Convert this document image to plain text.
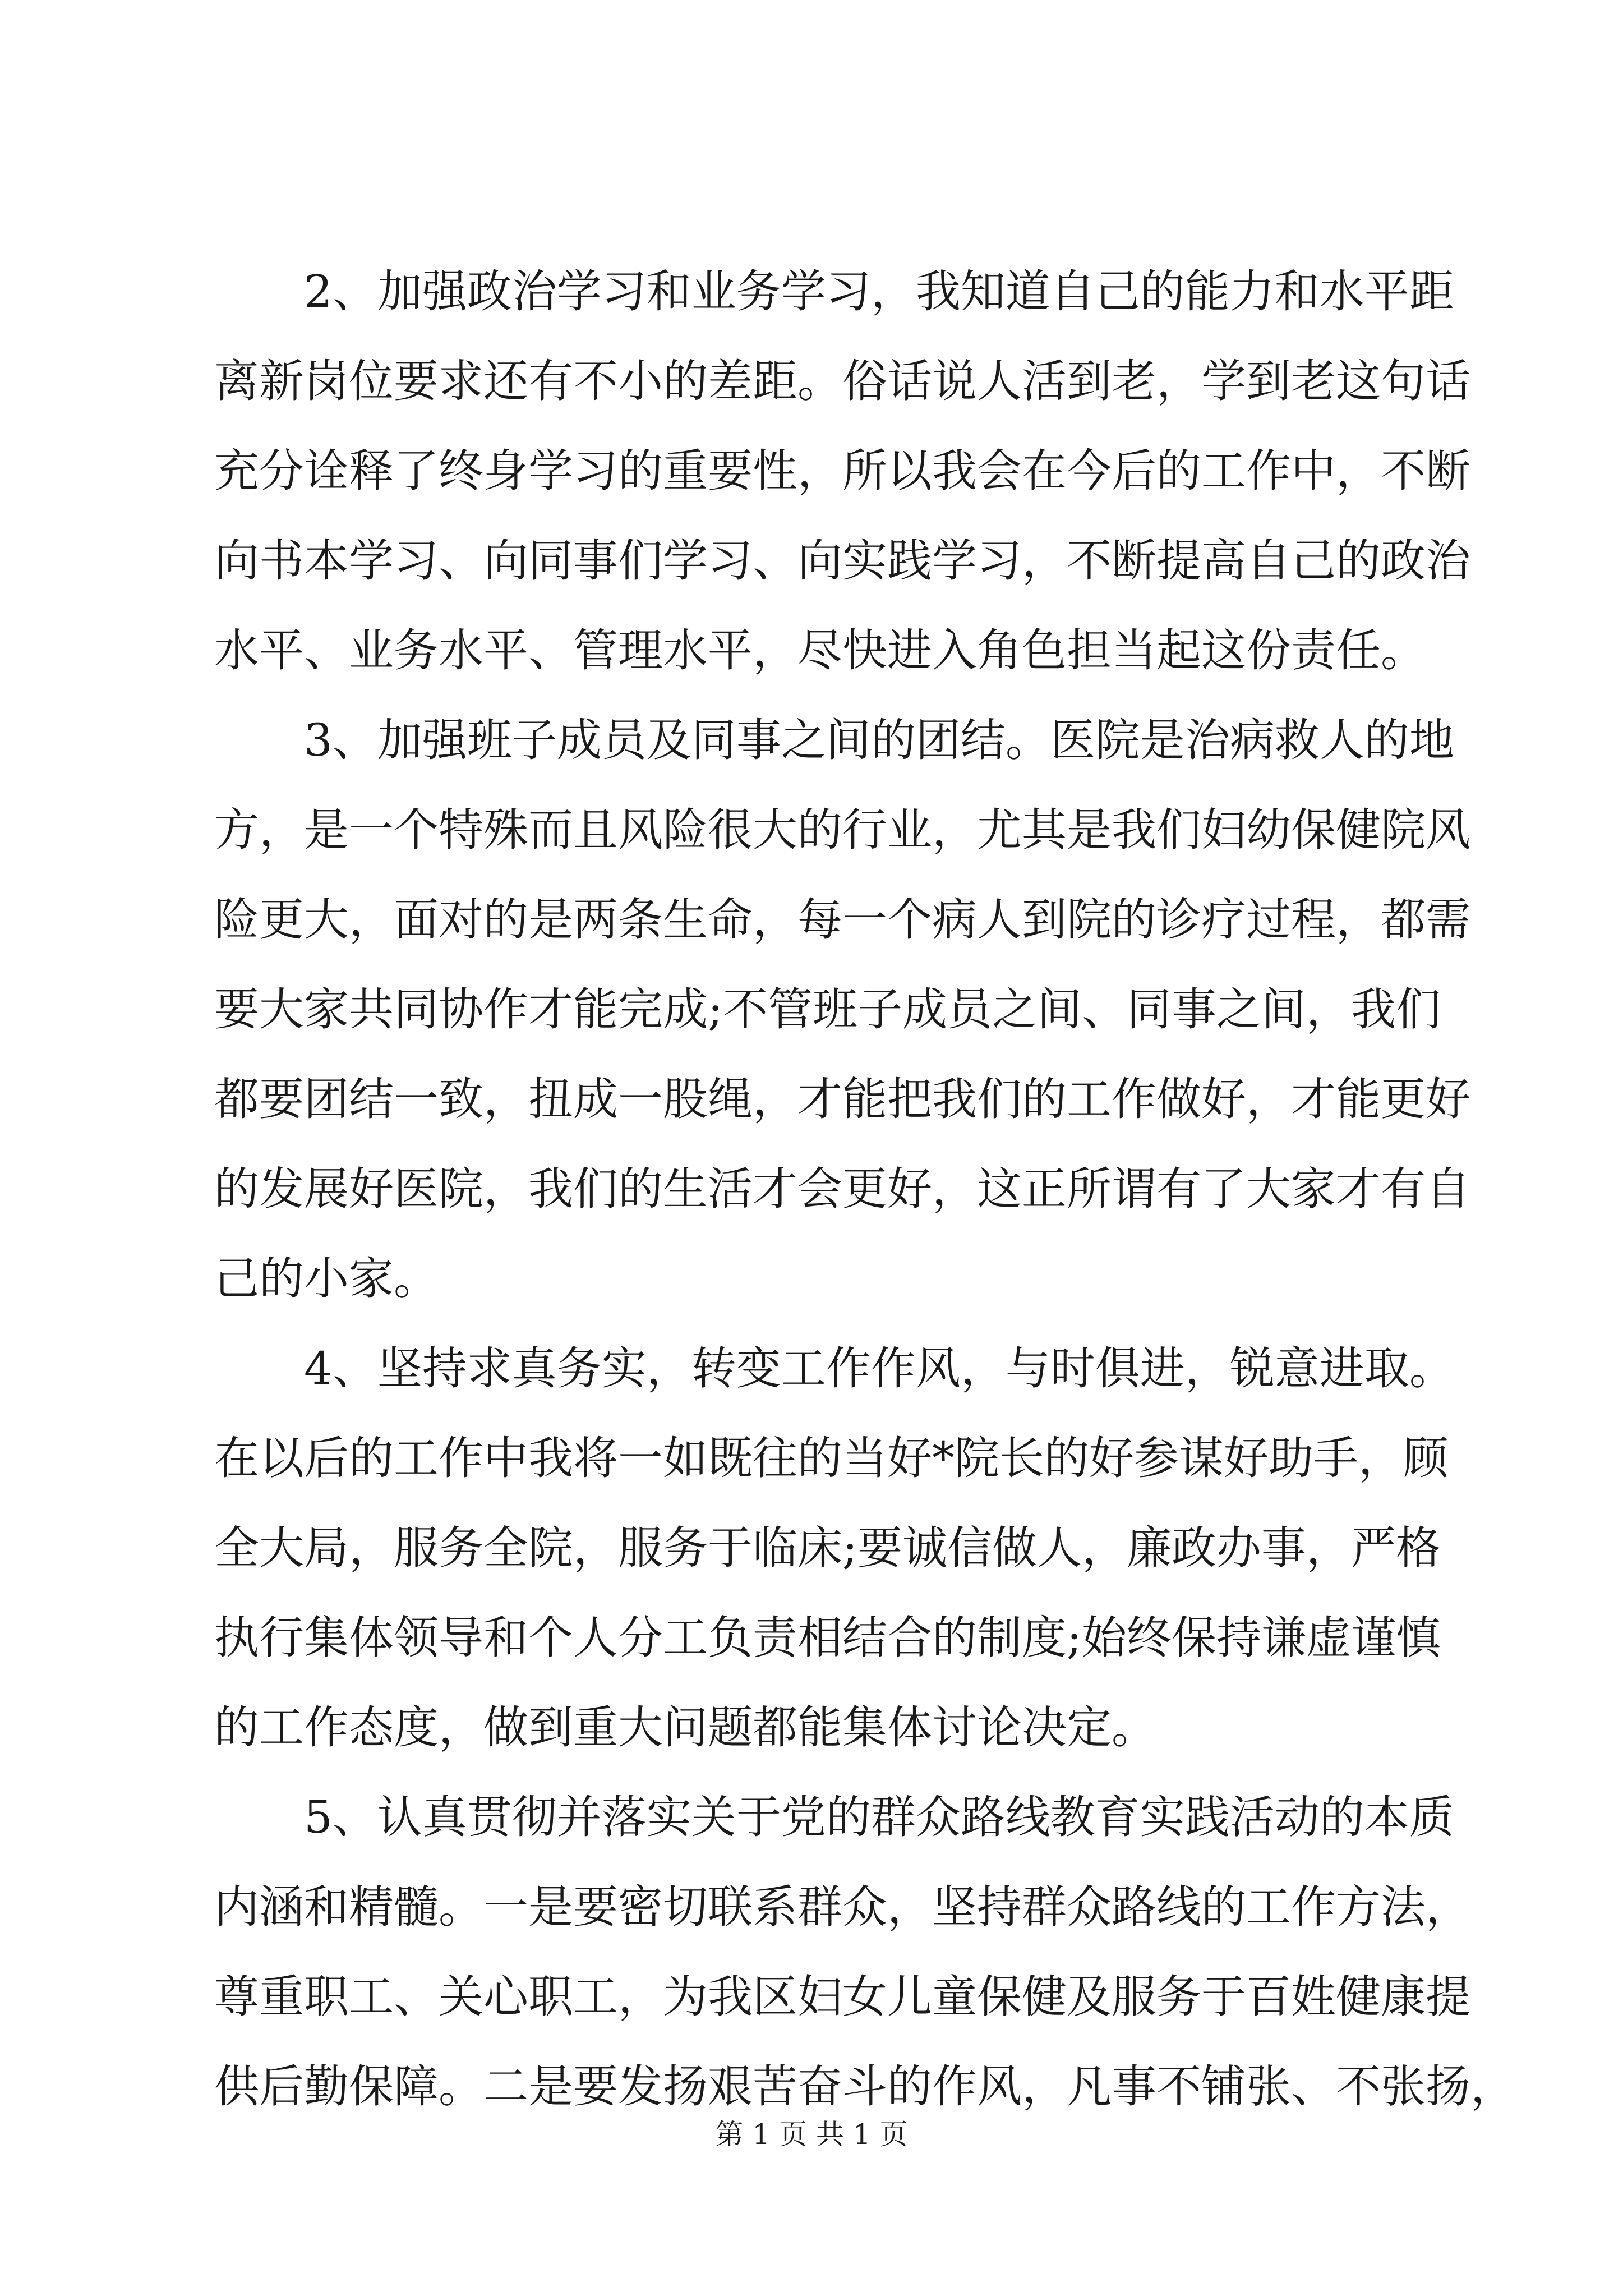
2、加强政治学习和业务学习，我知道自己的能力和水平距
离新岗位要求还有不小的差距。俗话说人活到老，学到老这句话
充分诠释了终身学习的重要性，所以我会在今后的工作中，不断
向书本学习、向同事们学习、向实践学习，不断提高自己的政治
水平、业务水平、管理水平，尽快进入角色担当起这份责任。
3、加强班子成员及同事之间的团结。医院是治病救人的地
方，是一个特殊而且风险很大的行业，尤其是我们妇幼保健院风
险更大，面对的是两条生命，每一个病人到院的诊疗过程，都需
要大家共同协作才能完成;不管班子成员之间、同事之间，我们
都要团结一致，扭成一股绳，才能把我们的工作做好，才能更好
的发展好医院，我们的生活才会更好，这正所谓有了大家才有自
己的小家。
4、坚持求真务实，转变工作作风，与时俱进，锐意进取。
在以后的工作中我将一如既往的当好*院长的好参谋好助手，顾
全大局，服务全院，服务于临床;要诚信做人，廉政办事，严格
执行集体领导和个人分工负责相结合的制度;始终保持谦虚谨慎
的工作态度，做到重大问题都能集体讨论决定。
5、认真贯彻并落实关于党的群众路线教育实践活动的本质
内涵和精髓。一是要密切联系群众，坚持群众路线的工作方法，
尊重职工、关心职工，为我区妇女儿童保健及服务于百姓健康提
供后勤保障。二是要发扬艰苦奋斗的作风，凡事不铺张、不张扬，
第 1 页 共 1 页
